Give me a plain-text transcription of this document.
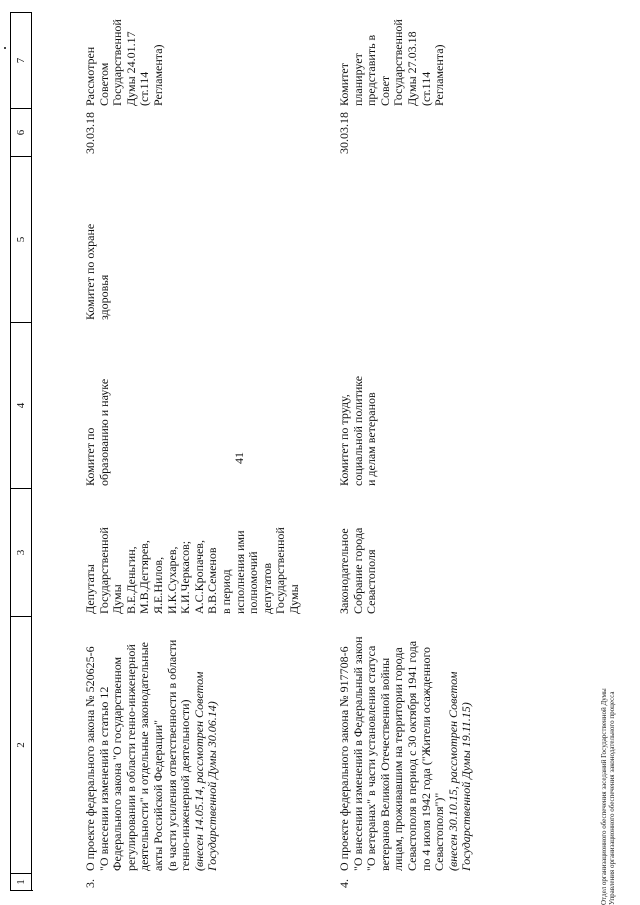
41
1
2
3
4
5
6
7
3.
О проекте федерального закона № 520625-6 "О внесении изменений в статью 12 Федерального закона "О государственном регулировании в области генно-инженерной деятельности" и отдельные законодательные акты Российской Федерации" (в части усиления ответственности в области генно-инженерной деятельности) (внесен 14.05.14, рассмотрен Советом Государственной Думы 30.06.14)
Депутаты Государственной Думы В.Е.Деньгин, М.В.Дегтярев, Я.Е.Нилов, И.К.Сухарев, К.И.Черкасов; А.С.Кропачев, В.В.Семенов в период исполнения ими полномочий депутатов Государственной Думы
Комитет по образованию и науке
Комитет по охране здоровья
30.03.18
Рассмотрен Советом Государственной Думы 24.01.17 (ст.114 Регламента)
4.
О проекте федерального закона № 917708-6 "О внесении изменений в Федеральный закон "О ветеранах" в части установления статуса ветеранов Великой Отечественной войны лицам, проживавшим на территории города Севастополя в период с 30 октября 1941 года по 4 июля 1942 года ("Жители осажденного Севастополя")" (внесен 30.10.15, рассмотрен Советом Государственной Думы 19.11.15)
Законодательное Собрание города Севастополя
Комитет по труду, социальной политике и делам ветеранов
30.03.18
Комитет планирует представить в Совет Государственной Думы 27.03.18 (ст.114 Регламента)
Отдел организационного обеспечения заседаний Государственной Думы Управления организационного обеспечения законодательного процесса
